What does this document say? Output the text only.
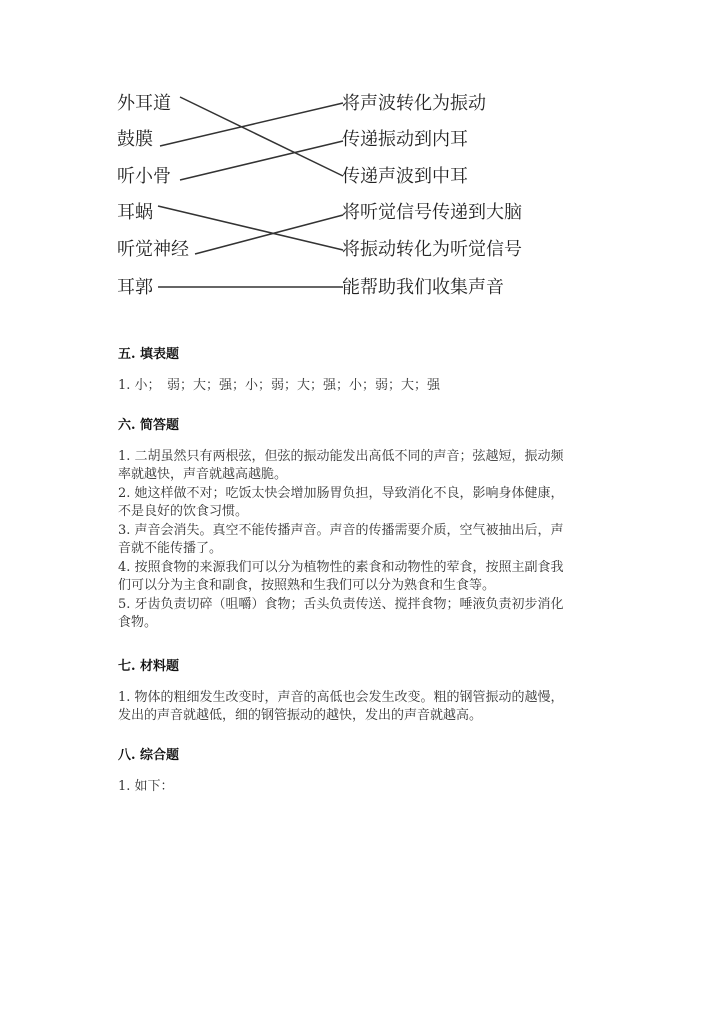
外耳道
鼓膜
听小骨
耳蜗
听觉神经
耳郭
将声波转化为振动
传递振动到内耳
传递声波到中耳
将听觉信号传递到大脑
将振动转化为听觉信号
能帮助我们收集声音
五. 填表题
1. 小；　弱；大；强；小；弱；大；强；小；弱；大；强
六. 简答题
1. 二胡虽然只有两根弦，但弦的振动能发出高低不同的声音；弦越短，振动频
率就越快，声音就越高越脆。
2. 她这样做不对；吃饭太快会增加肠胃负担，导致消化不良，影响身体健康，
不是良好的饮食习惯。
3. 声音会消失。真空不能传播声音。声音的传播需要介质，空气被抽出后，声
音就不能传播了。
4. 按照食物的来源我们可以分为植物性的素食和动物性的荤食，按照主副食我
们可以分为主食和副食，按照熟和生我们可以分为熟食和生食等。
5. 牙齿负责切碎（咀嚼）食物；舌头负责传送、搅拌食物；唾液负责初步消化
食物。
七. 材料题
1. 物体的粗细发生改变时，声音的高低也会发生改变。粗的钢管振动的越慢，
发出的声音就越低，细的钢管振动的越快，发出的声音就越高。
八. 综合题
1. 如下：
